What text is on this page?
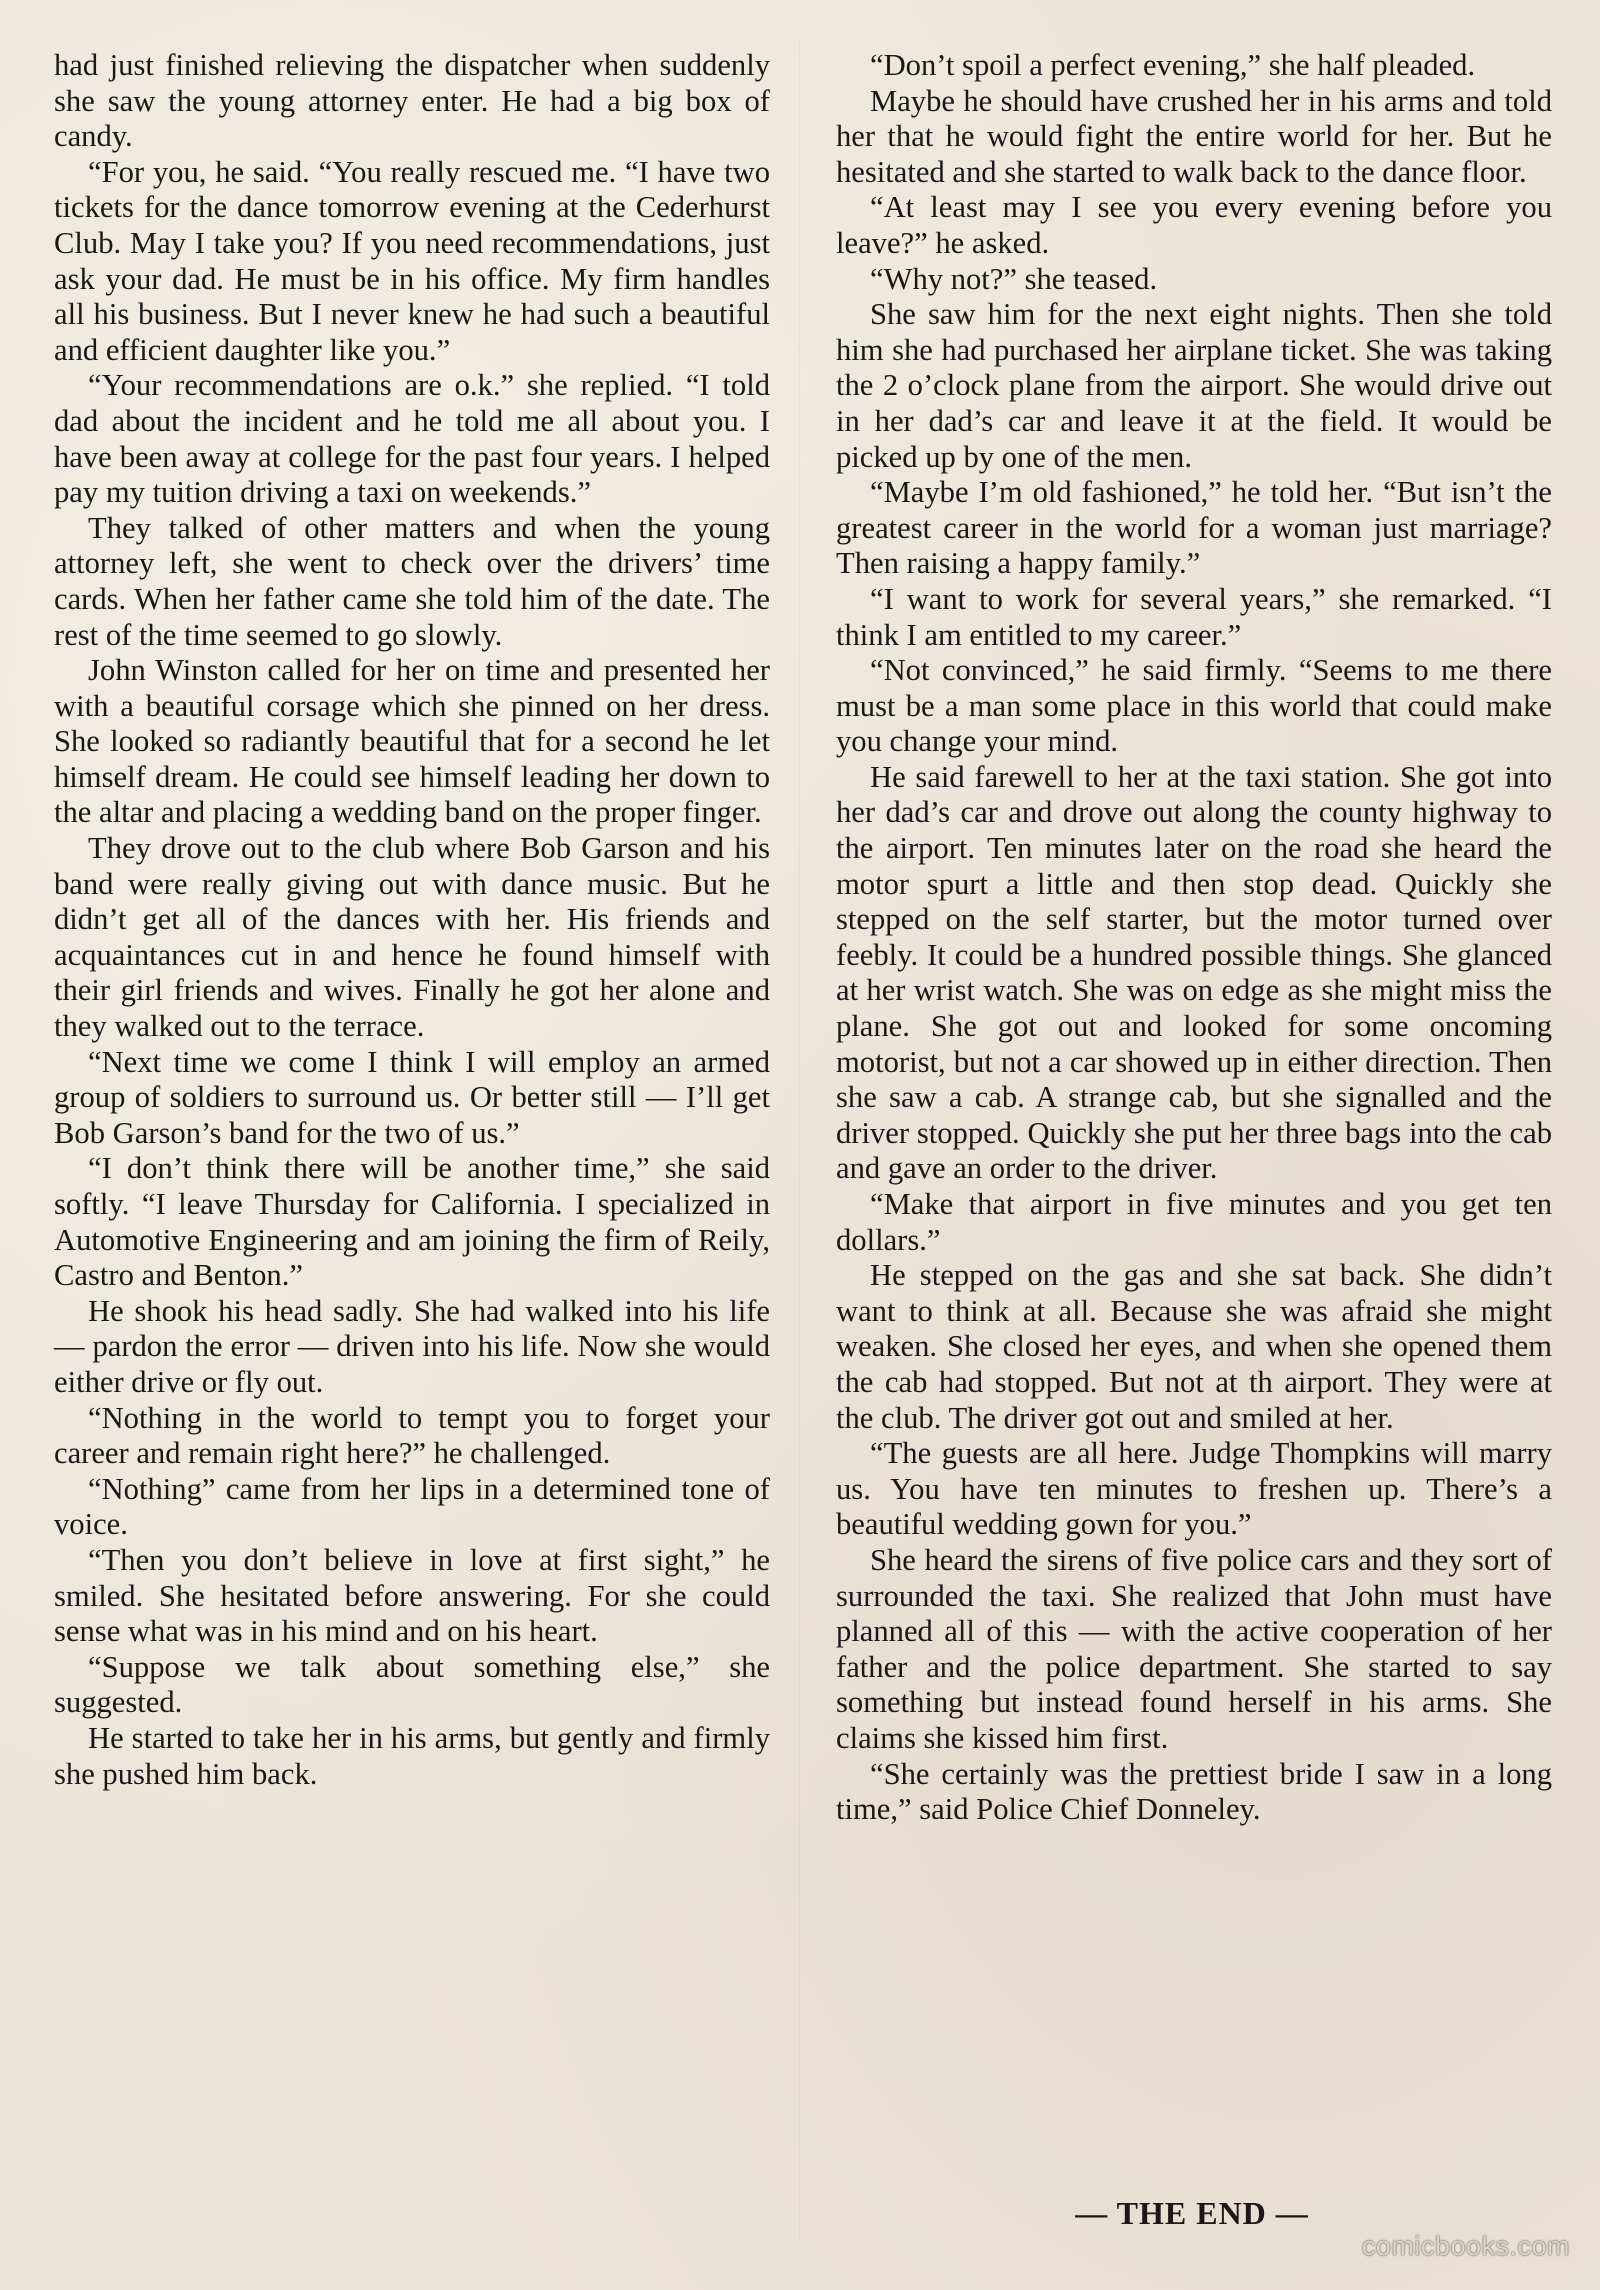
had just finished relieving the dispatcher when suddenly she saw the young attorney enter. He had a big box of candy.

“For you, he said. “You really rescued me. “I have two tickets for the dance tomorrow evening at the Cederhurst Club. May I take you? If you need recommendations, just ask your dad. He must be in his office. My firm handles all his business. But I never knew he had such a beautiful and efficient daughter like you.”

“Your recommendations are o.k.” she replied. “I told dad about the incident and he told me all about you. I have been away at college for the past four years. I helped pay my tuition driving a taxi on weekends.”

They talked of other matters and when the young attorney left, she went to check over the drivers’ time cards. When her father came she told him of the date. The rest of the time seemed to go slowly.

John Winston called for her on time and presented her with a beautiful corsage which she pinned on her dress. She looked so radiantly beautiful that for a second he let himself dream. He could see himself leading her down to the altar and placing a wedding band on the proper finger.

They drove out to the club where Bob Garson and his band were really giving out with dance music. But he didn’t get all of the dances with her. His friends and acquaintances cut in and hence he found himself with their girl friends and wives. Finally he got her alone and they walked out to the terrace.

“Next time we come I think I will employ an armed group of soldiers to surround us. Or better still — I’ll get Bob Garson’s band for the two of us.”

“I don’t think there will be another time,” she said softly. “I leave Thursday for California. I specialized in Automotive Engineering and am joining the firm of Reily, Castro and Benton.”

He shook his head sadly. She had walked into his life — pardon the error — driven into his life. Now she would either drive or fly out.

“Nothing in the world to tempt you to forget your career and remain right here?” he challenged.

“Nothing” came from her lips in a determined tone of voice.

“Then you don’t believe in love at first sight,” he smiled. She hesitated before answering. For she could sense what was in his mind and on his heart.

“Suppose we talk about something else,” she suggested.

He started to take her in his arms, but gently and firmly she pushed him back.

“Don’t spoil a perfect evening,” she half pleaded.

Maybe he should have crushed her in his arms and told her that he would fight the entire world for her. But he hesitated and she started to walk back to the dance floor.

“At least may I see you every evening before you leave?” he asked.

“Why not?” she teased.

She saw him for the next eight nights. Then she told him she had purchased her airplane ticket. She was taking the 2 o’clock plane from the airport. She would drive out in her dad’s car and leave it at the field. It would be picked up by one of the men.

“Maybe I’m old fashioned,” he told her. “But isn’t the greatest career in the world for a woman just marriage? Then raising a happy family.”

“I want to work for several years,” she remarked. “I think I am entitled to my career.”

“Not convinced,” he said firmly. “Seems to me there must be a man some place in this world that could make you change your mind.

He said farewell to her at the taxi station. She got into her dad’s car and drove out along the county highway to the airport. Ten minutes later on the road she heard the motor spurt a little and then stop dead. Quickly she stepped on the self starter, but the motor turned over feebly. It could be a hundred possible things. She glanced at her wrist watch. She was on edge as she might miss the plane. She got out and looked for some oncoming motorist, but not a car showed up in either direction. Then she saw a cab. A strange cab, but she signalled and the driver stopped. Quickly she put her three bags into the cab and gave an order to the driver.

“Make that airport in five minutes and you get ten dollars.”

He stepped on the gas and she sat back. She didn’t want to think at all. Because she was afraid she might weaken. She closed her eyes, and when she opened them the cab had stopped. But not at th airport. They were at the club. The driver got out and smiled at her.

“The guests are all here. Judge Thompkins will marry us. You have ten minutes to freshen up. There’s a beautiful wedding gown for you.”

She heard the sirens of five police cars and they sort of surrounded the taxi. She realized that John must have planned all of this — with the active cooperation of her father and the police department. She started to say something but instead found herself in his arms. She claims she kissed him first.

“She certainly was the prettiest bride I saw in a long time,” said Police Chief Donneley.

— THE END —
comicbooks.com
